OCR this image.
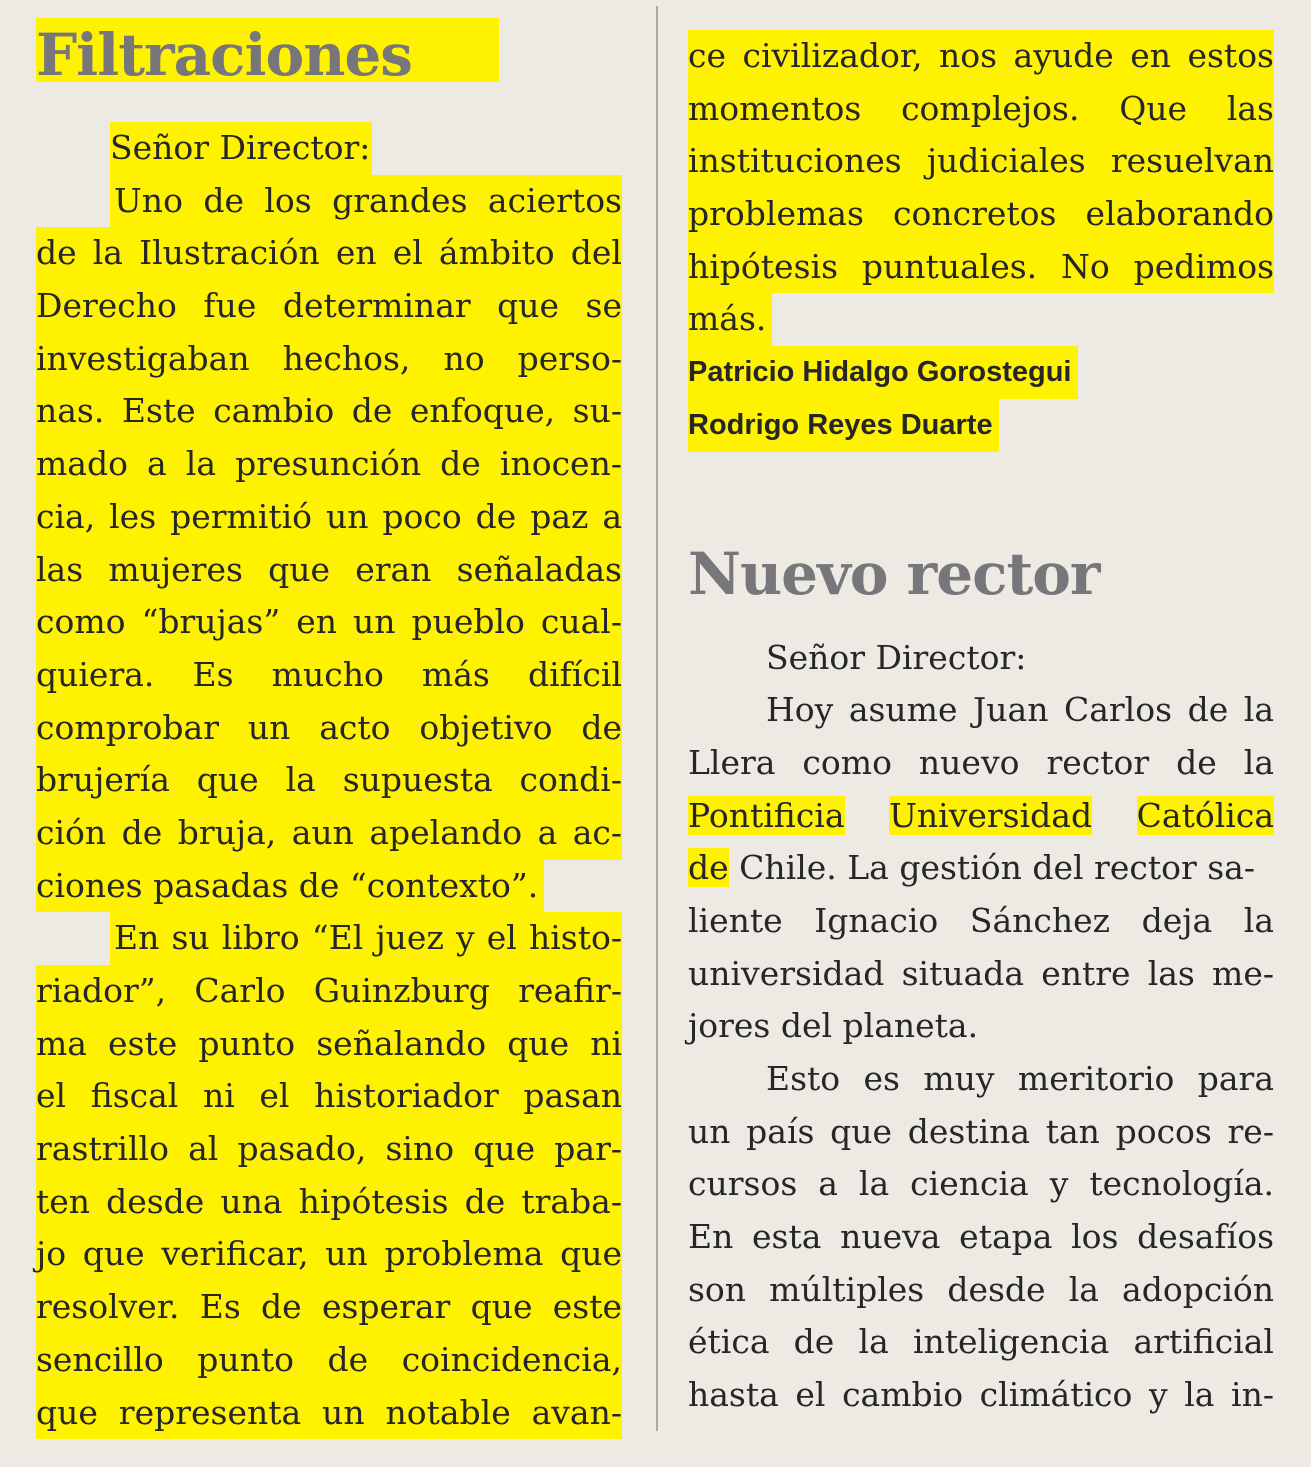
Filtraciones
Señor Director:
Uno de los grandes aciertos
de la Ilustración en el ámbito del
Derecho fue determinar que se
investigaban hechos, no perso-
nas. Este cambio de enfoque, su-
mado a la presunción de inocen-
cia, les permitió un poco de paz a
las mujeres que eran señaladas
como “brujas” en un pueblo cual-
quiera. Es mucho más difícil
comprobar un acto objetivo de
brujería que la supuesta condi-
ción de bruja, aun apelando a ac-
ciones pasadas de “contexto”.
En su libro “El juez y el histo-
riador”, Carlo Guinzburg reafir-
ma este punto señalando que ni
el fiscal ni el historiador pasan
rastrillo al pasado, sino que par-
ten desde una hipótesis de traba-
jo que verificar, un problema que
resolver. Es de esperar que este
sencillo punto de coincidencia,
que representa un notable avan-
ce civilizador, nos ayude en estos
momentos complejos. Que las
instituciones judiciales resuelvan
problemas concretos elaborando
hipótesis puntuales. No pedimos
más.
Patricio Hidalgo Gorostegui
Rodrigo Reyes Duarte
Nuevo rector
Señor Director:
Hoy asume Juan Carlos de la
Llera como nuevo rector de la
Pontificia Universidad Católica
de Chile. La gestión del rector sa-
liente Ignacio Sánchez deja la
universidad situada entre las me-
jores del planeta.
Esto es muy meritorio para
un país que destina tan pocos re-
cursos a la ciencia y tecnología.
En esta nueva etapa los desafíos
son múltiples desde la adopción
ética de la inteligencia artificial
hasta el cambio climático y la in-
